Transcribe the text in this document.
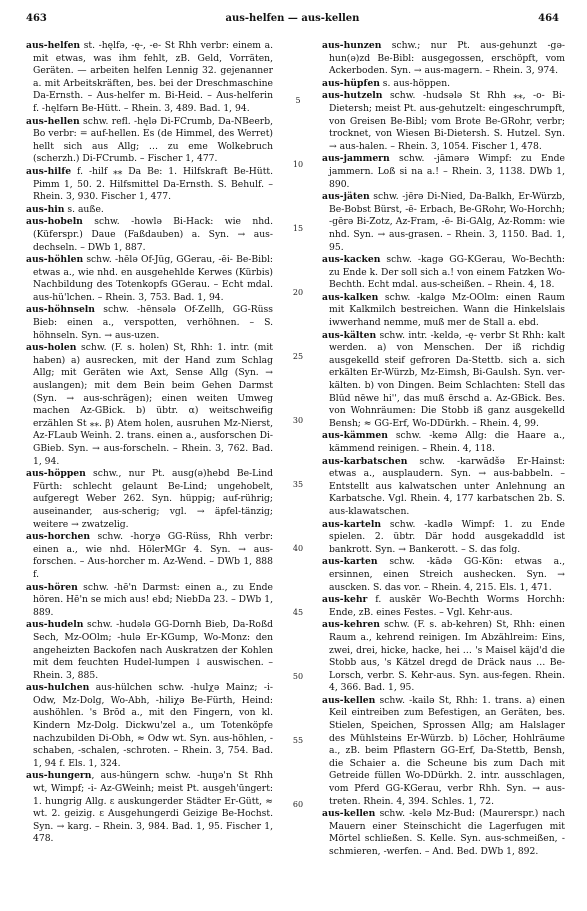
463	aus-helfen — aus-kellen	464

aus-helfen st. -hęlfə, -ę-, -e- St Rhh verbr: einem a. mit etwas, was ihm fehlt, zB. Geld, Vorräten, Geräten. — arbeiten helfen Lennig 32. gejenanner a. mit Arbeitskräften, bes. bei der Dreschmaschine Da-Ernsth. – Aus-helfer m. Bi-Heid. – Aus-helferin f. -hęlfərn Be-Hütt. – Rhein. 3, 489. Bad. 1, 94.

aus-hellen schw. refl. -hęlə Di-FCrumb, Da-NBeerb, Bo verbr: = auf-hellen. Es (de Himmel, des Werret) hellt sich aus Allg; … zu eme Wolkebruch (scherzh.) Di-FCrumb. – Fischer 1, 477.

aus-hilfe f. -hilf ⁎⁎ Da Be: 1. Hilfskraft Be-Hütt. Pimm 1, 50. 2. Hilfsmittel Da-Ernsth. S. Behulf. – Rhein. 3, 930. Fischer 1, 477.

aus-hin s. auße.

aus-hobeln schw. -howlə Bi-Hack: wie nhd. (Küferspr.) Daue (Faßdauben) a. Syn. → aus-dechseln. – DWb 1, 887.

aus-höhlen schw. -hēlə Of-Jüg, GGerau, -ēi- Be-Bibl: etwas a., wie nhd. en ausgehehlde Kerwes (Kürbis) Nachbildung des Totenkopfs GGerau. – Echt mdal. aus-hü'lchen. – Rhein. 3, 753. Bad. 1, 94.

aus-höhnseln schw. -hēnsələ Of-Zellh, GG-Rüss Bieb: einen a., verspotten, verhöhnen. – S. höhnseln. Syn. → aus-uzen.

aus-holen schw. (F. s. holen) St, Rhh: 1. intr. (mit haben) a) ausrecken, mit der Hand zum Schlag Allg; mit Geräten wie Axt, Sense Allg (Syn. → auslangen); mit dem Bein beim Gehen Darmst (Syn. → aus-schrägen); einen weiten Umweg machen Az-GBick. b) übtr. α) weitschweifig erzählen St ⁎⁎. β) Atem holen, ausruhen Mz-Nierst, Az-FLaub Weinh. 2. trans. einen a., ausforschen Di-GBieb. Syn. → aus-forscheln. – Rhein. 3, 762. Bad. 1, 94.

aus-höppen schw., nur Pt. ausg(ə)hebd Be-Lind Fürth: schlecht gelaunt Be-Lind; ungehobelt, aufgeregt Weber 262. Syn. hüppig; auf-rührig; auseinander, aus-scherig; vgl. → äpfel-tänzig; weitere → zwatzelig.

aus-horchen schw. -horχə GG-Rüss, Rhh verbr: einen a., wie nhd. HölerMGr 4. Syn. → aus-forschen. – Aus-horcher m. Az-Wend. – DWb 1, 888 f.

aus-hören schw. -hē'n Darmst: einen a., zu Ende hören. Hē'n se mich aus! ebd; NiebDa 23. – DWb 1, 889.

aus-hudeln schw. -hudələ GG-Dornh Bieb, Da-Roßd Sech, Mz-OOlm; -hulə Er-KGump, Wo-Monz: den angeheizten Backofen nach Auskratzen der Kohlen mit dem feuchten Hudel-lumpen ↓ auswischen. – Rhein. 3, 885.

aus-hulchen aus-hülchen schw. -hulχə Mainz; -i- Odw, Mz-Dolg, Wo-Abh, -hiliχə Be-Fürth, Heind: aushöhlen. 's Brōd a., mit den Fingern, von kl. Kindern Mz-Dolg. Dickwu'zel a., um Totenköpfe nachzubilden Di-Obh, ≈ Odw wt. Syn. aus-höhlen, -schaben, -schalen, -schroten. – Rhein. 3, 754. Bad. 1, 94 f. Els. 1, 324.

aus-hungern, aus-hüngern schw. -huŋə'n St Rhh wt, Wimpf; -i- Az-GWeinh; meist Pt. ausgeh'ūngert: 1. hungrig Allg. ε auskungerder Städter Er-Gütt, ≈ wt. 2. geizig. ε Ausgehungerdi Geizige Be-Hochst. Syn. → karg. – Rhein. 3, 984. Bad. 1, 95. Fischer 1, 478.

5
10
15
20
25
30
35
40
45
50
55
60

aus-hunzen schw.; nur Pt. aus-gehunzt -gə-hun(ə)zd Be-Bibl: ausgegossen, erschöpft, vom Ackerboden. Syn. → aus-magern. – Rhein. 3, 974.

aus-hüpfen s. aus-höppen.

aus-hutzeln schw. -hudsələ St Rhh ⁎⁎, -o- Bi-Dietersh; meist Pt. aus-gehutzelt: eingeschrumpft, von Greisen Be-Bibl; vom Brote Be-GRohr, verbr; trocknet, von Wiesen Bi-Dietersh. S. Hutzel. Syn. → aus-halen. – Rhein. 3, 1054. Fischer 1, 478.

aus-jammern schw. -jāmərə Wimpf: zu Ende jammern. Loß si na a.! – Rhein. 3, 1138. DWb 1, 890.

aus-jäten schw. -jērə Di-Nied, Da-Balkh, Er-Würzb, Be-Bobst Bürst, -ē- Erbach, Be-GRohr, Wo-Horchh; -gērə Bi-Zotz, Az-Fram, -ē- Bi-GAlg, Az-Romm: wie nhd. Syn. → aus-grasen. – Rhein. 3, 1150. Bad. 1, 95.

aus-kacken schw. -kagə GG-KGerau, Wo-Bechth: zu Ende k. Der soll sich a.! von einem Fatzken Wo-Bechth. Echt mdal. aus-scheißen. – Rhein. 4, 18.

aus-kalken schw. -kalgə Mz-OOlm: einen Raum mit Kalkmilch bestreichen. Wann die Hinkelslais iwwerhand nemme, muß mer de Stall a. ebd.

aus-kälten schw. intr. -keldə, -ę- verbr St Rhh: kalt werden. a) von Menschen. Der iß richdig ausgekelld steif gefroren Da-Stettb. sich a. sich erkälten Er-Würzb, Mz-Eimsh, Bi-Gaulsh. Syn. ver-kälten. b) von Dingen. Beim Schlachten: Stell das Blūd nēwe hi'', das muß ērschd a. Az-GBick. Bes. von Wohnräumen: Die Stobb iß ganz ausgekelld Bensh; ≈ GG-Erf, Wo-DDürkh. – Rhein. 4, 99.

aus-kämmen schw. -kemə Allg: die Haare a., kämmend reinigen. – Rhein. 4, 118.

aus-karbatschen schw. -karwādšə Er-Hainst: etwas a., ausplaudern. Syn. → aus-babbeln. – Entstellt aus kalwatschen unter Anlehnung an Karbatsche. Vgl. Rhein. 4, 177 karbatschen 2b. S. aus-klawatschen.

aus-karteln schw. -kadlə Wimpf: 1. zu Ende spielen. 2. übtr. Där hodd ausgekaddld ist bankrott. Syn. → Bankerott. – S. das folg.

aus-karten schw. -kādə GG-Kön: etwas a., ersinnen, einen Streich aushecken. Syn. → auscken. S. das vor. – Rhein. 4, 215. Els. 1, 471.

aus-kehr f. auskēr Wo-Bechth Worms Horchh: Ende, zB. eines Festes. – Vgl. Kehr-aus.

aus-kehren schw. (F. s. ab-kehren) St, Rhh: einen Raum a., kehrend reinigen. Im Abzählreim: Eins, zwei, drei, hicke, hacke, hei … 's Maisel käjd'd die Stobb aus, 's Kätzel dregd de Dräck naus … Be-Lorsch, verbr. S. Kehr-aus. Syn. aus-fegen. Rhein. 4, 366. Bad. 1, 95.

aus-kellen schw. -kailə St, Rhh: 1. trans. a) einen Keil eintreiben zum Befestigen, an Geräten, bes. Stielen, Speichen, Sprossen Allg; am Halslager des Mühlsteins Er-Würzb. b) Löcher, Hohlräume a., zB. beim Pflastern GG-Erf, Da-Stettb, Bensh, die Schaier a. die Scheune bis zum Dach mit Getreide füllen Wo-DDürkh. 2. intr. ausschlagen, vom Pferd GG-KGerau, verbr Rhh. Syn. → aus-treten. Rhein. 4, 394. Schles. 1, 72.

aus-kellen schw. -kelə Mz-Bud: (Maurerspr.) nach Mauern einer Steinschicht die Lagerfugen mit Mörtel schließen. S. Kelle. Syn. aus-schmeißen, -schmieren, -werfen. – And. Bed. DWb 1, 892.
